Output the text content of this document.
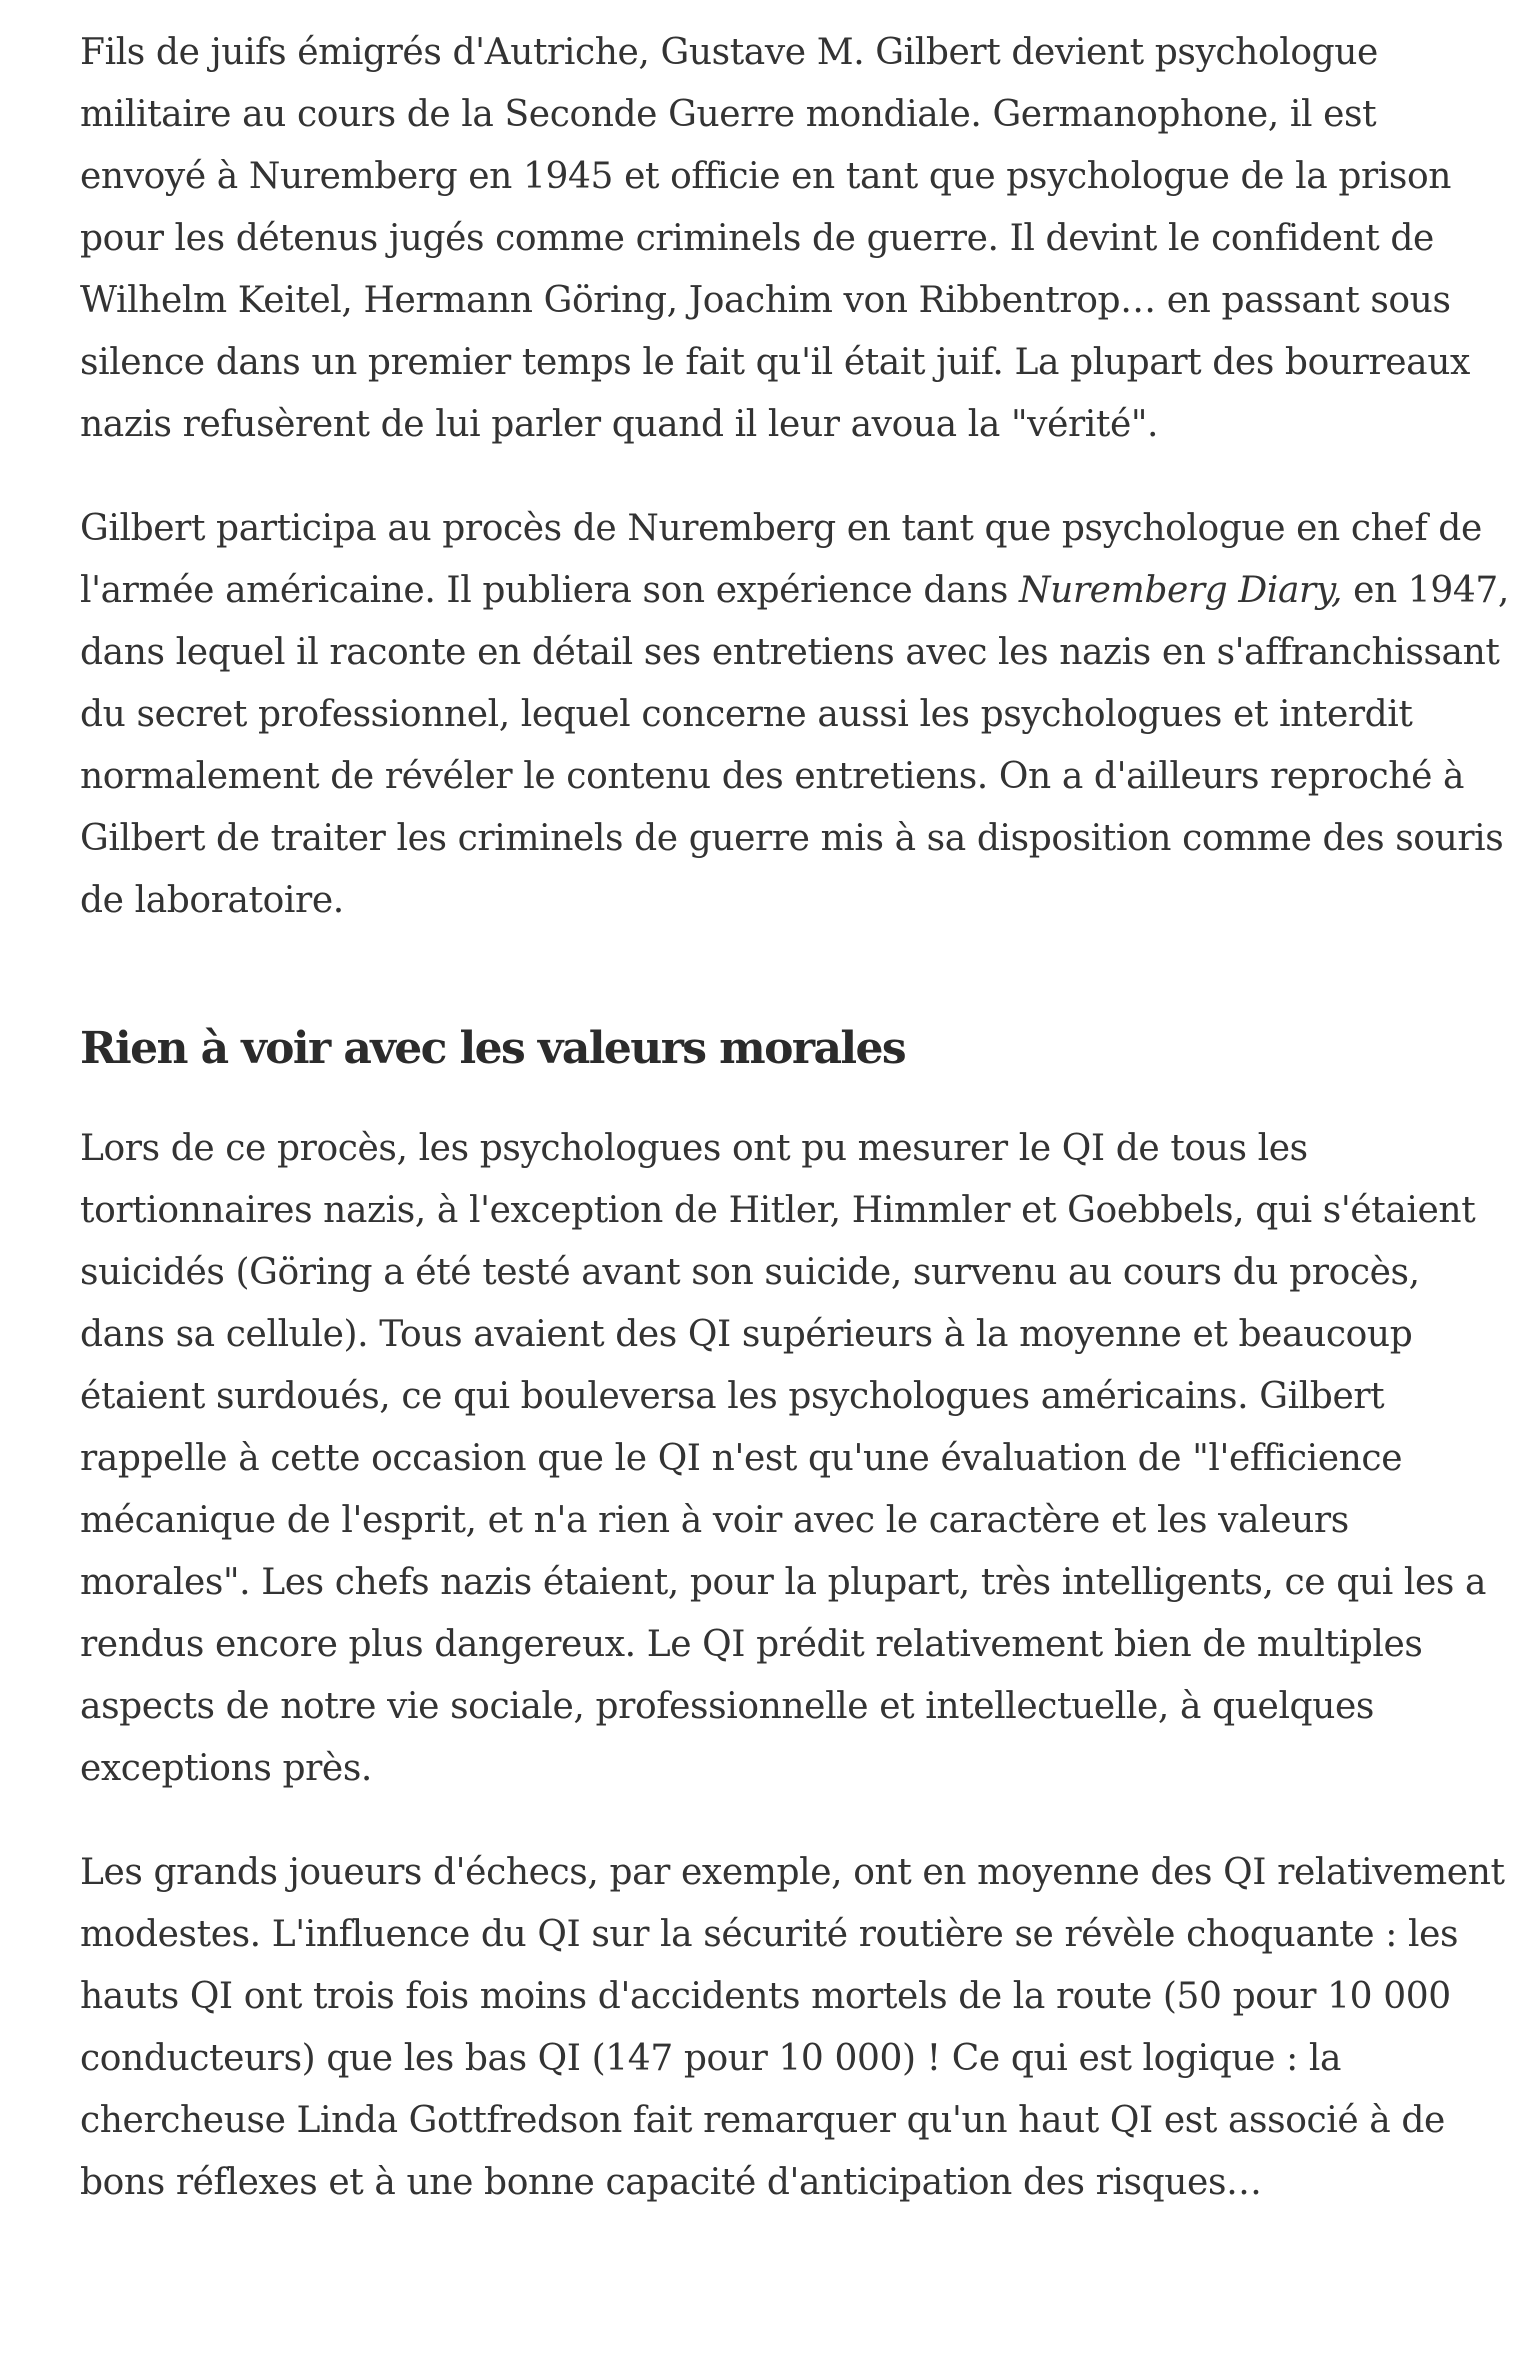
Fils de juifs émigrés d'Autriche, Gustave M. Gilbert devient psychologue militaire au cours de la Seconde Guerre mondiale. Germanophone, il est envoyé à Nuremberg en 1945 et officie en tant que psychologue de la prison pour les détenus jugés comme criminels de guerre. Il devint le confident de Wilhelm Keitel, Hermann Göring, Joachim von Ribbentrop… en passant sous silence dans un premier temps le fait qu'il était juif. La plupart des bourreaux nazis refusèrent de lui parler quand il leur avoua la "vérité".

Gilbert participa au procès de Nuremberg en tant que psychologue en chef de l'armée américaine. Il publiera son expérience dans Nuremberg Diary, en 1947, dans lequel il raconte en détail ses entretiens avec les nazis en s'affranchissant du secret professionnel, lequel concerne aussi les psychologues et interdit normalement de révéler le contenu des entretiens. On a d'ailleurs reproché à Gilbert de traiter les criminels de guerre mis à sa disposition comme des souris de laboratoire.

Rien à voir avec les valeurs morales

Lors de ce procès, les psychologues ont pu mesurer le QI de tous les tortionnaires nazis, à l'exception de Hitler, Himmler et Goebbels, qui s'étaient suicidés (Göring a été testé avant son suicide, survenu au cours du procès, dans sa cellule). Tous avaient des QI supérieurs à la moyenne et beaucoup étaient surdoués, ce qui bouleversa les psychologues américains. Gilbert rappelle à cette occasion que le QI n'est qu'une évaluation de "l'efficience mécanique de l'esprit, et n'a rien à voir avec le caractère et les valeurs morales". Les chefs nazis étaient, pour la plupart, très intelligents, ce qui les a rendus encore plus dangereux. Le QI prédit relativement bien de multiples aspects de notre vie sociale, professionnelle et intellectuelle, à quelques exceptions près.

Les grands joueurs d'échecs, par exemple, ont en moyenne des QI relativement modestes. L'influence du QI sur la sécurité routière se révèle choquante : les hauts QI ont trois fois moins d'accidents mortels de la route (50 pour 10 000 conducteurs) que les bas QI (147 pour 10 000) ! Ce qui est logique : la chercheuse Linda Gottfredson fait remarquer qu'un haut QI est associé à de bons réflexes et à une bonne capacité d'anticipation des risques…
